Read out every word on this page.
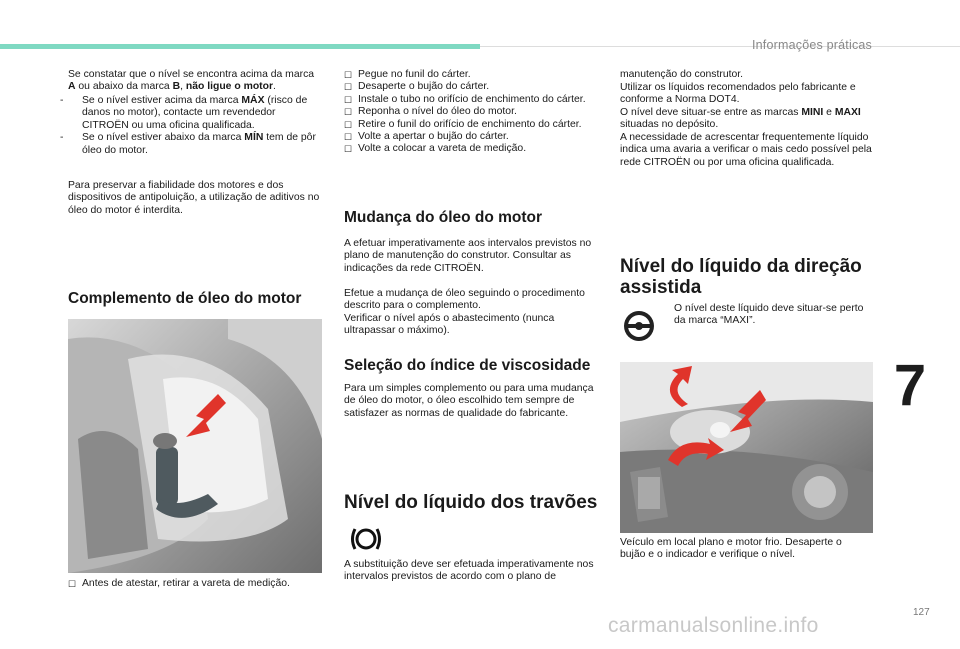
Informações práticas

Se constatar que o nível se encontra acima da marca A ou abaixo da marca B, não ligue o motor.

- Se o nível estiver acima da marca MÁX (risco de danos no motor), contacte um revendedor CITROËN ou uma oficina qualificada.
- Se o nível estiver abaixo da marca MÍN tem de pôr óleo do motor.

Para preservar a fiabilidade dos motores e dos dispositivos de antipoluição, a utilização de aditivos no óleo do motor é interdita.

Complemento de óleo do motor
☐ Antes de atestar, retirar a vareta de medição.
☐ Pegue no funil do cárter.
☐ Desaperte o bujão do cárter.
☐ Instale o tubo no orifício de enchimento do cárter.
☐ Reponha o nível do óleo do motor.
☐ Retire o funil do orifício de enchimento do cárter.
☐ Volte a apertar o bujão do cárter.
☐ Volte a colocar a vareta de medição.
Mudança do óleo do motor

A efetuar imperativamente aos intervalos previstos no plano de manutenção do construtor. Consultar as indicações da rede CITROËN.

Efetue a mudança de óleo seguindo o procedimento descrito para o complemento.

Verificar o nível após o abastecimento (nunca ultrapassar o máximo).

Seleção do índice de viscosidade

Para um simples complemento ou para uma mudança de óleo do motor, o óleo escolhido tem sempre de satisfazer as normas de qualidade do fabricante.

Nível do líquido dos travões

A substituição deve ser efetuada imperativamente nos intervalos previstos de acordo com o plano de

manutenção do construtor.

Utilizar os líquidos recomendados pelo fabricante e conforme a Norma DOT4.

O nível deve situar-se entre as marcas MINI e MAXI situadas no depósito.

A necessidade de acrescentar frequentemente líquido indica uma avaria a verificar o mais cedo possível pela rede CITROËN ou por uma oficina qualificada.

Nível do líquido da direção assistida

O nível deste líquido deve situar-se perto da marca “MAXI”.

Veículo em local plano e motor frio. Desaperte o bujão e o indicador e verifique o nível.

7
127
carmanualsonline.info
